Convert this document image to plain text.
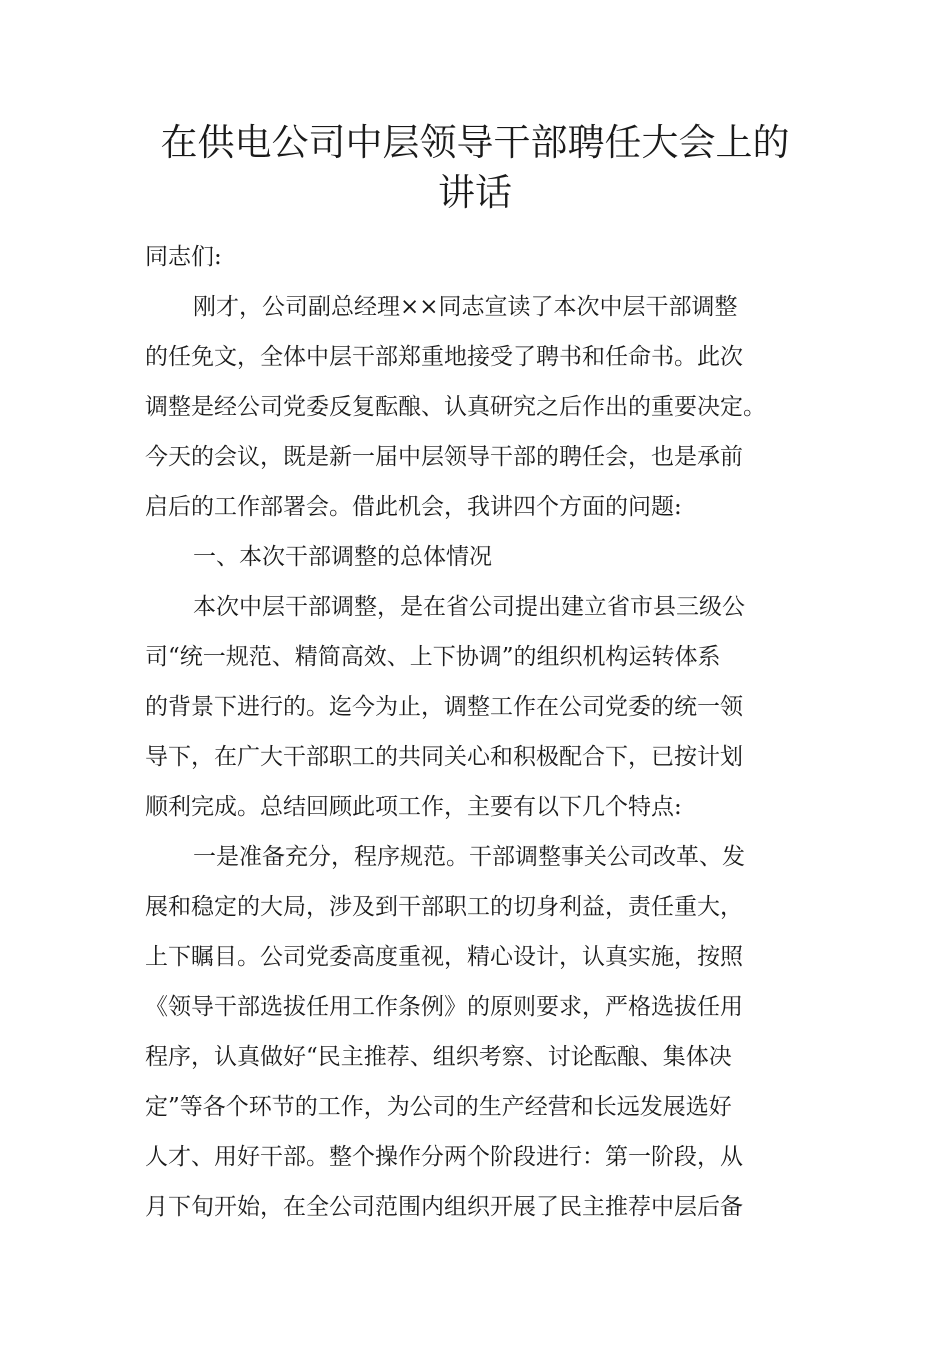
在供电公司中层领导干部聘任大会上的
讲话

同志们:

刚才，公司副总经理××同志宣读了本次中层干部调整

的任免文，全体中层干部郑重地接受了聘书和任命书。此次

调整是经公司党委反复酝酿、认真研究之后作出的重要决定。

今天的会议，既是新一届中层领导干部的聘任会，也是承前

启后的工作部署会。借此机会，我讲四个方面的问题:

一、本次干部调整的总体情况

本次中层干部调整，是在省公司提出建立省市县三级公

司“统一规范、精简高效、上下协调”的组织机构运转体系

的背景下进行的。迄今为止，调整工作在公司党委的统一领

导下，在广大干部职工的共同关心和积极配合下，已按计划

顺利完成。总结回顾此项工作，主要有以下几个特点:

一是准备充分，程序规范。干部调整事关公司改革、发

展和稳定的大局，涉及到干部职工的切身利益，责任重大，

上下瞩目。公司党委高度重视，精心设计，认真实施，按照

《领导干部选拔任用工作条例》的原则要求，严格选拔任用

程序，认真做好“民主推荐、组织考察、讨论酝酿、集体决

定”等各个环节的工作，为公司的生产经营和长远发展选好

人才、用好干部。整个操作分两个阶段进行：第一阶段，从

月下旬开始，在全公司范围内组织开展了民主推荐中层后备
